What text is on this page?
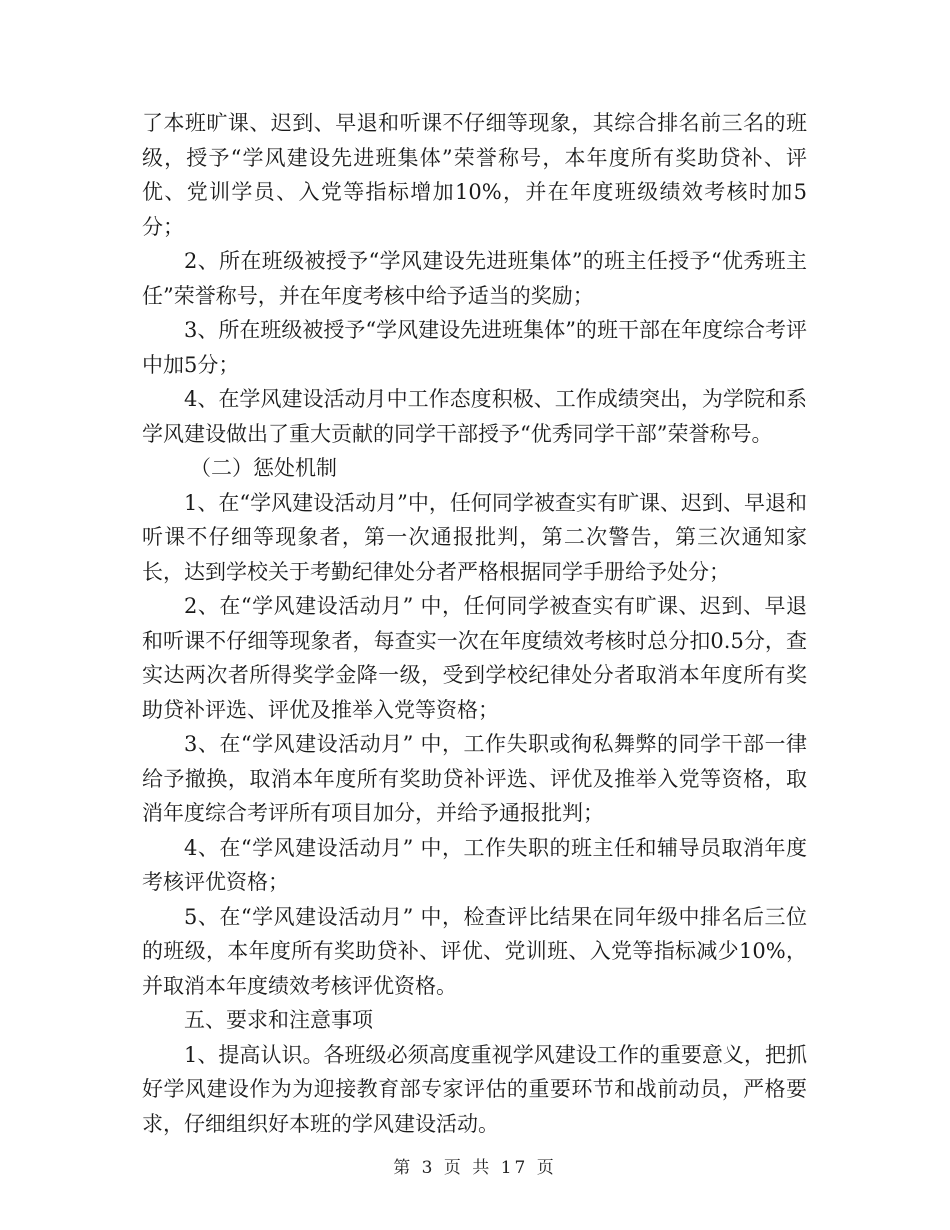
了本班旷课、迟到、早退和听课不仔细等现象，其综合排名前三名的班级，授予“学风建设先进班集体”荣誉称号，本年度所有奖助贷补、评优、党训学员、入党等指标增加10%，并在年度班级绩效考核时加5分；

2、所在班级被授予“学风建设先进班集体”的班主任授予“优秀班主任”荣誉称号，并在年度考核中给予适当的奖励；

3、所在班级被授予“学风建设先进班集体”的班干部在年度综合考评中加5分；

4、在学风建设活动月中工作态度积极、工作成绩突出，为学院和系学风建设做出了重大贡献的同学干部授予“优秀同学干部”荣誉称号。

（二）惩处机制

1、在“学风建设活动月”中，任何同学被查实有旷课、迟到、早退和听课不仔细等现象者，第一次通报批判，第二次警告，第三次通知家长，达到学校关于考勤纪律处分者严格根据同学手册给予处分；

2、在“学风建设活动月” 中，任何同学被查实有旷课、迟到、早退和听课不仔细等现象者，每查实一次在年度绩效考核时总分扣0.5分，查实达两次者所得奖学金降一级，受到学校纪律处分者取消本年度所有奖助贷补评选、评优及推举入党等资格；

3、在“学风建设活动月” 中，工作失职或徇私舞弊的同学干部一律给予撤换，取消本年度所有奖助贷补评选、评优及推举入党等资格，取消年度综合考评所有项目加分，并给予通报批判；

4、在“学风建设活动月” 中，工作失职的班主任和辅导员取消年度考核评优资格；

5、在“学风建设活动月” 中，检查评比结果在同年级中排名后三位的班级，本年度所有奖助贷补、评优、党训班、入党等指标减少10%，并取消本年度绩效考核评优资格。

五、要求和注意事项

1、提高认识。各班级必须高度重视学风建设工作的重要意义，把抓好学风建设作为为迎接教育部专家评估的重要环节和战前动员，严格要求，仔细组织好本班的学风建设活动。

第 3 页 共 17 页
